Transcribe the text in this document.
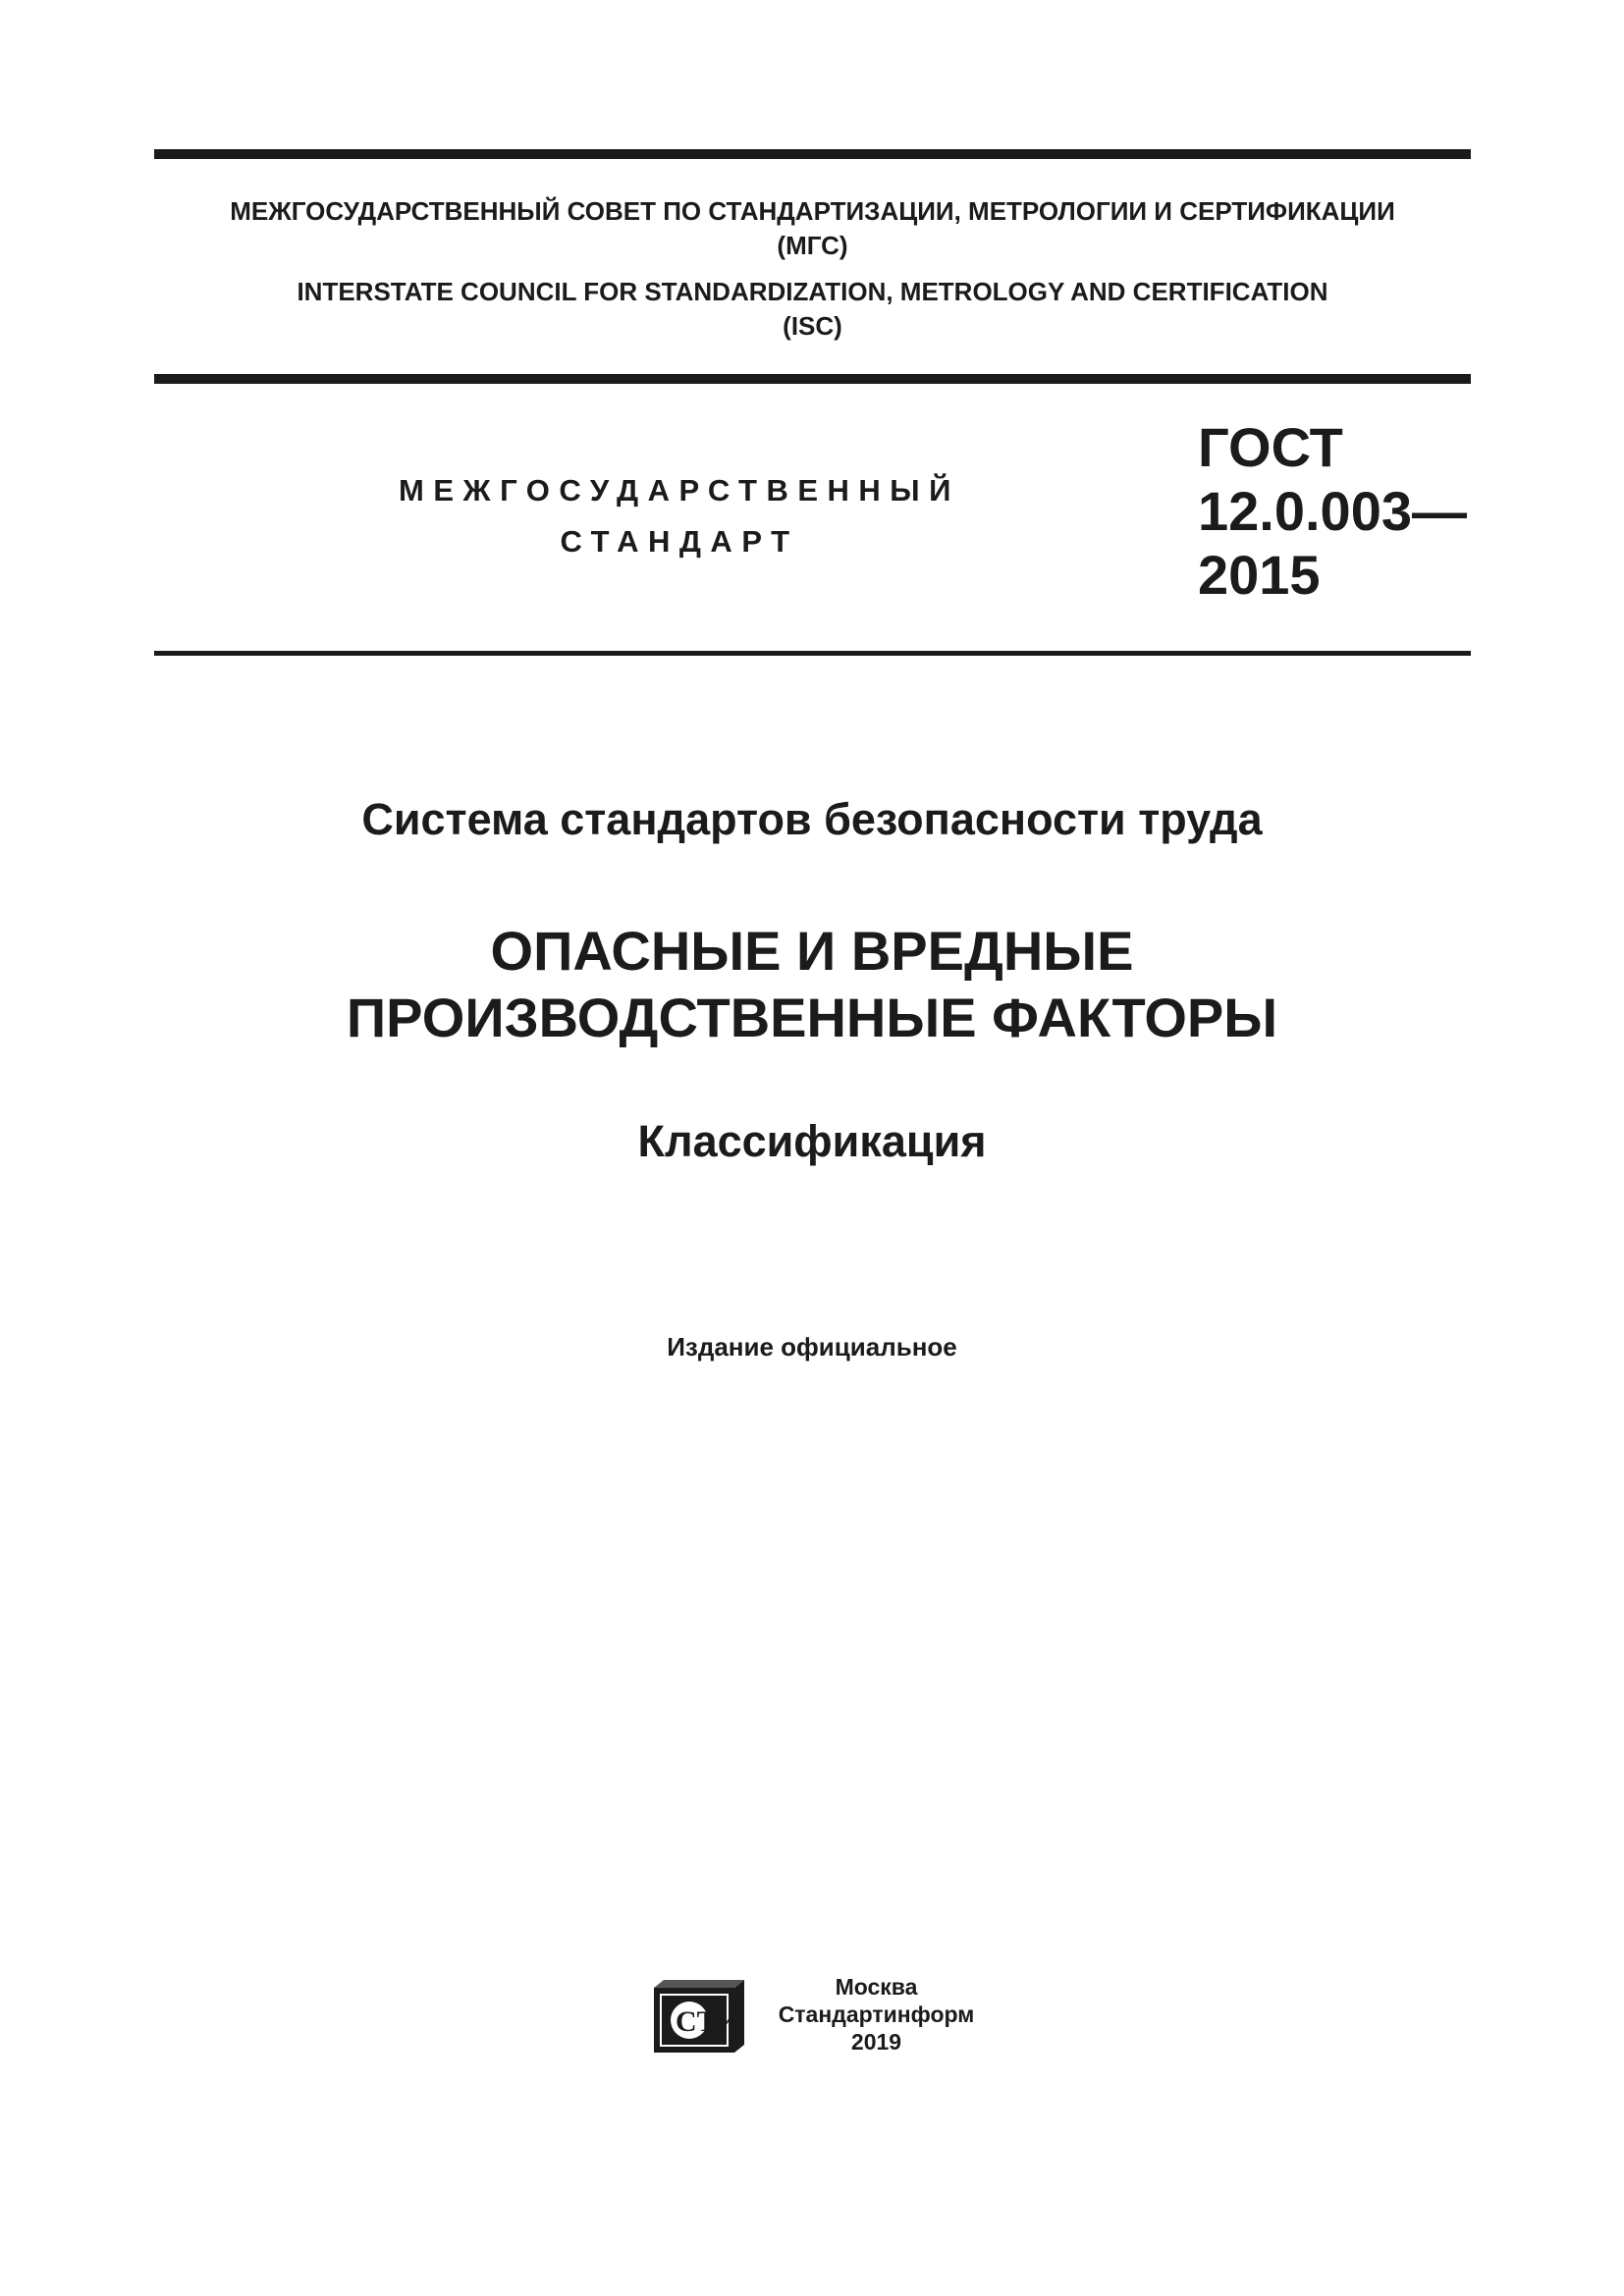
МЕЖГОСУДАРСТВЕННЫЙ СОВЕТ ПО СТАНДАРТИЗАЦИИ, МЕТРОЛОГИИ И СЕРТИФИКАЦИИ
(МГС)
INTERSTATE COUNCIL FOR STANDARDIZATION, METROLOGY AND CERTIFICATION
(ISC)
МЕЖГОСУДАРСТВЕННЫЙ
СТАНДАРТ
ГОСТ
12.0.003—
2015
Система стандартов безопасности труда
ОПАСНЫЕ И ВРЕДНЫЕ
ПРОИЗВОДСТВЕННЫЕ ФАКТОРЫ
Классификация
Издание официальное
СТИ
Москва
Стандартинформ
2019
